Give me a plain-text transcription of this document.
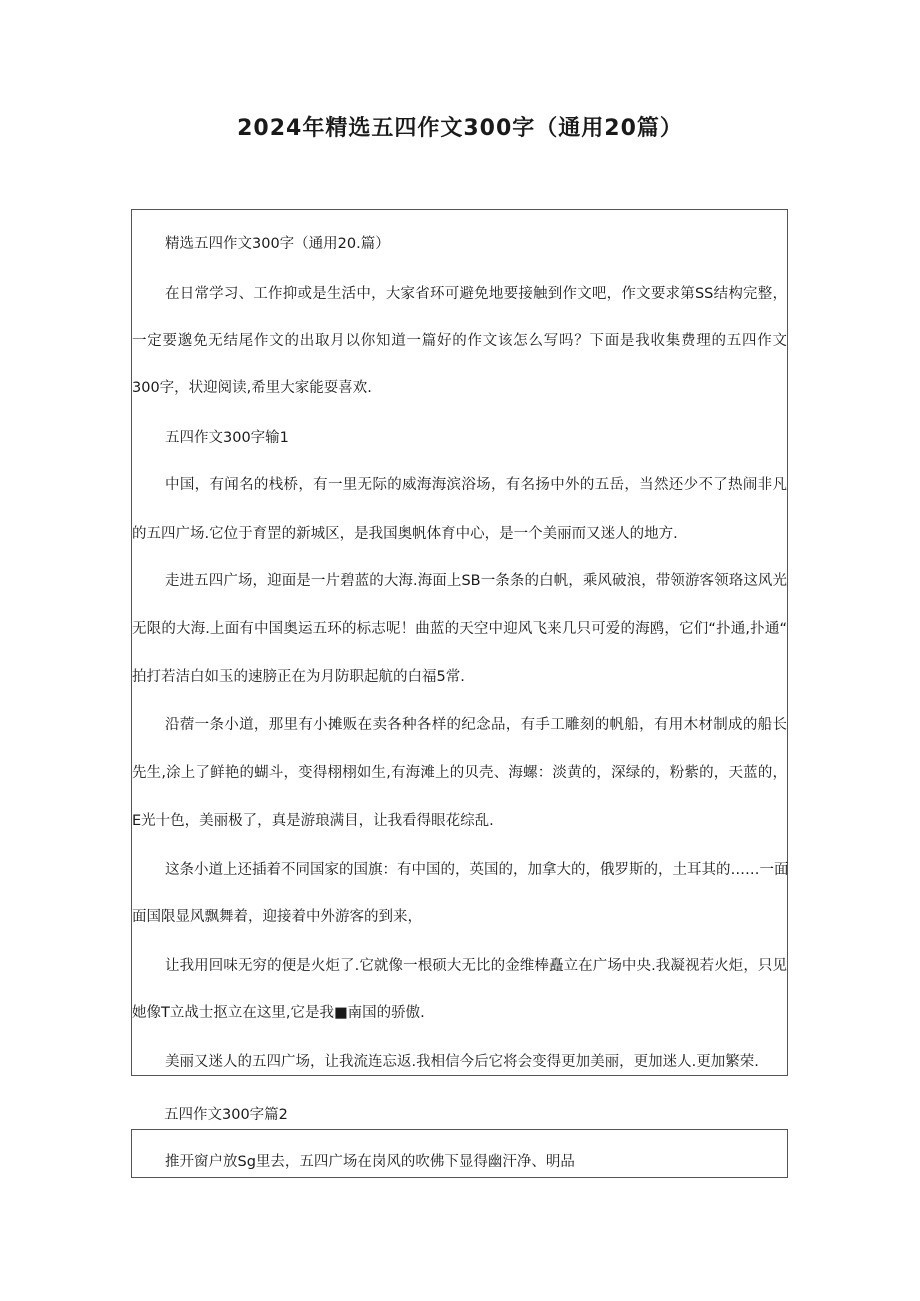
2024年精选五四作文300字（通用20篇）

精选五四作文300字（通用20.篇）

在日常学习、工作抑或是生活中，大家省环可避免地要接触到作文吧，作文要求第SS结构完整，

一定要邈免无结尾作文的出取月以你知道一篇好的作文该怎么写吗？下面是我收集费理的五四作文

300字，状迎阅读,希里大家能耍喜欢.

五四作文300字输1

中国，有闻名的栈桥，有一里无际的威海海滨浴场，有名扬中外的五岳，当然还少不了热闹非凡

的五四广场.它位于育罡的新城区，是我国奥帆体育中心，是一个美丽而又迷人的地方.

走进五四广场，迎面是一片碧蓝的大海.海面上SB一条条的白帆，乘风破浪，带领游客领珞这风光

无限的大海.上面有中国奥运五环的标志呢！曲蓝的天空中迎风飞来几只可爱的海鸥，它们“扑通,扑通“

拍打若洁白如玉的速膀正在为月防职起航的白福5常.

沿蓿一条小道，那里有小摊贩在卖各种各样的纪念品，有手工雕刻的帆船，有用木材制成的船长

先生,涂上了鲜艳的蝴斗，变得栩栩如生,有海滩上的贝壳、海螺：淡黄的，深绿的，粉紫的，天蓝的，

E光十色，美丽极了，真是游琅满目，让我看得眼花综乱.

这条小道上还插着不同国家的国旗：有中国的，英国的，加拿大的，俄罗斯的，土耳其的……一面

面国限显风飘舞着，迎接着中外游客的到来，

让我用回味无穷的便是火炬了.它就像一根硕大无比的金维棒矗立在广场中央.我凝视若火炬，只见

她像T立战士抠立在这里,它是我■南国的骄傲.

美丽又迷人的五四广场，让我流连忘返.我相信今后它将会变得更加美丽，更加迷人.更加繁荣.

五四作文300字篇2

推开窗户放Sg里去，五四广场在岗风的吹佛下显得幽汗净、明品
